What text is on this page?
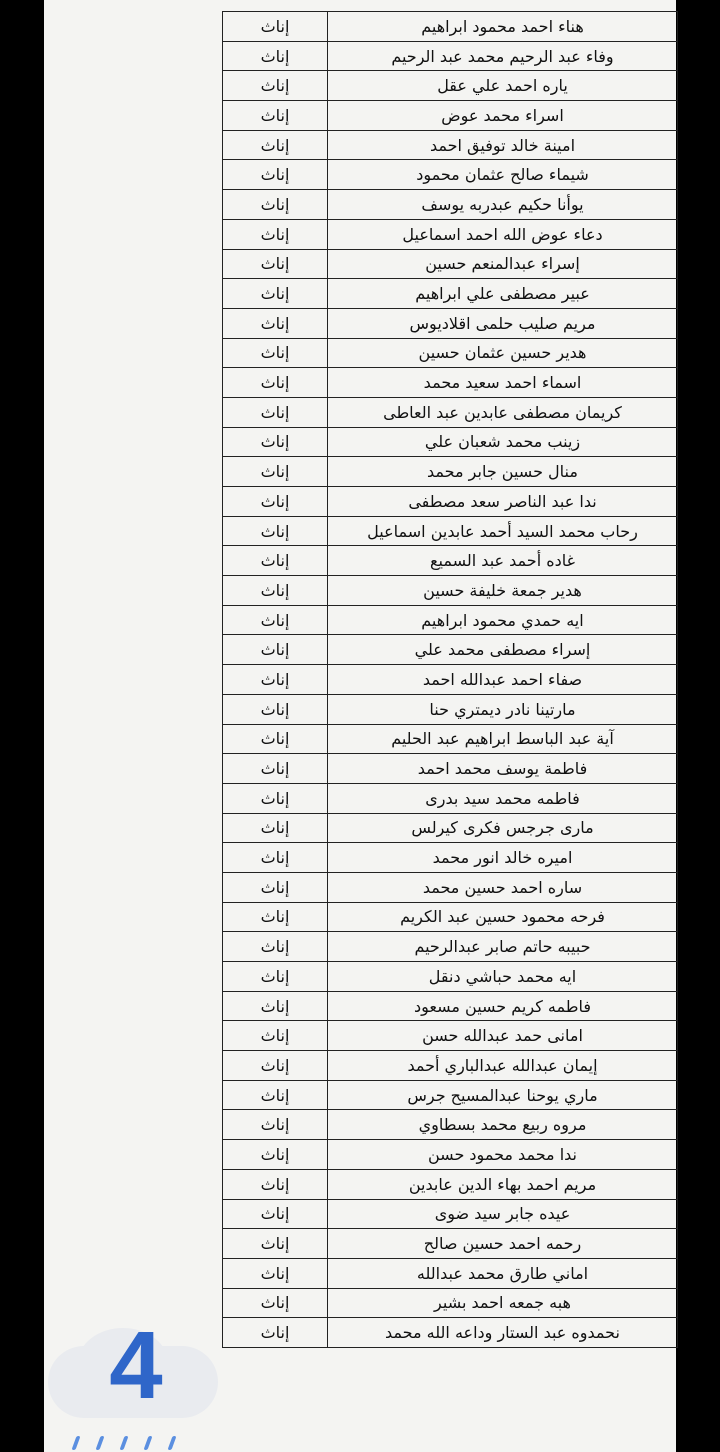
إناث	هناء احمد محمود ابراهيم
إناث	وفاء عبد الرحيم محمد عبد الرحيم
إناث	ياره احمد علي عقل
إناث	اسراء محمد عوض
إناث	امينة خالد توفيق احمد
إناث	شيماء صالح عثمان محمود
إناث	يوأنا حكيم عبدربه يوسف
إناث	دعاء عوض الله احمد اسماعيل
إناث	إسراء عبدالمنعم حسين
إناث	عبير مصطفى علي ابراهيم
إناث	مريم صليب حلمى اقلاديوس
إناث	هدير حسين عثمان حسين
إناث	اسماء احمد سعيد محمد
إناث	كريمان مصطفى عابدين عبد العاطى
إناث	زينب محمد شعبان علي
إناث	منال حسين جابر محمد
إناث	ندا عبد الناصر سعد مصطفى
إناث	رحاب محمد السيد أحمد عابدين اسماعيل
إناث	غاده أحمد عبد السميع
إناث	هدير جمعة خليفة حسين
إناث	ايه حمدي محمود ابراهيم
إناث	إسراء مصطفى محمد علي
إناث	صفاء احمد عبدالله احمد
إناث	مارتينا نادر ديمتري حنا
إناث	آية عبد الباسط ابراهيم عبد الحليم
إناث	فاطمة يوسف محمد احمد
إناث	فاطمه محمد سيد بدرى
إناث	مارى جرجس فكرى كيرلس
إناث	اميره خالد انور محمد
إناث	ساره احمد حسين محمد
إناث	فرحه محمود حسين عبد الكريم
إناث	حبيبه حاتم صابر عبدالرحيم
إناث	ايه محمد حباشي دنقل
إناث	فاطمه كريم حسين مسعود
إناث	امانى حمد عبدالله حسن
إناث	إيمان عبدالله عبدالباري أحمد
إناث	ماري يوحنا عبدالمسيح جرس
إناث	مروه ربيع محمد بسطاوي
إناث	ندا محمد محمود حسن
إناث	مريم احمد بهاء الدين عابدين
إناث	عيده جابر سيد ضوى
إناث	رحمه احمد حسين صالح
إناث	اماني طارق محمد عبدالله
إناث	هبه جمعه احمد بشير
إناث	نحمدوه عبد الستار وداعه الله محمد
4
